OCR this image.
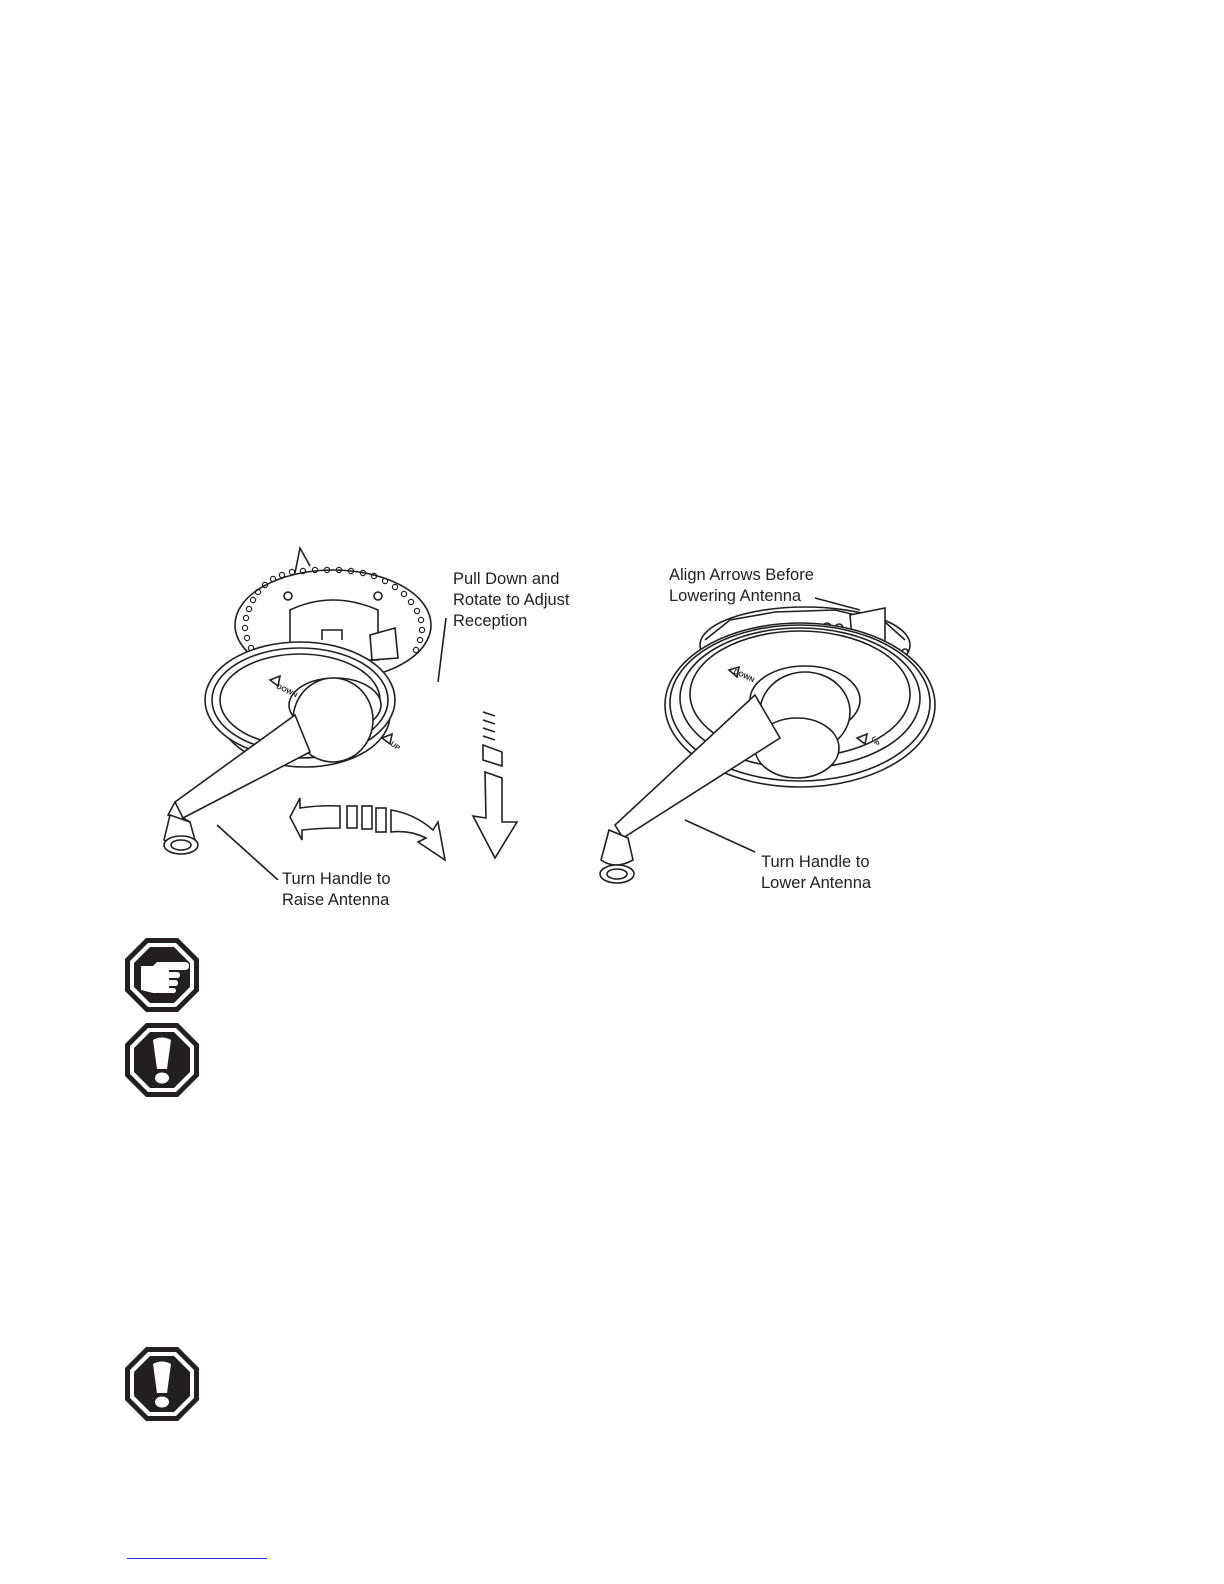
DOWN
UP
DOWN
UP
Pull Down and
Rotate to Adjust
Reception
Turn Handle to
Raise Antenna
Align Arrows Before
Lowering Antenna
Turn Handle to
Lower Antenna
